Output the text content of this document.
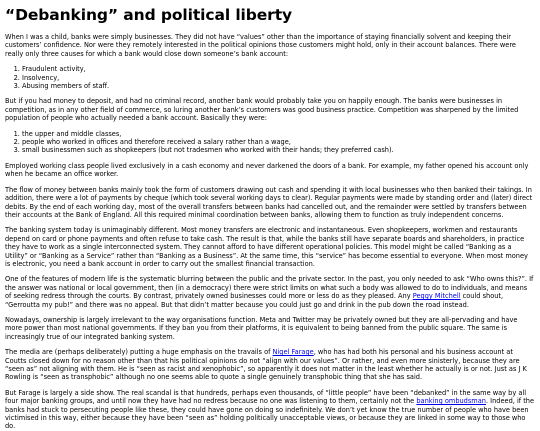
“Debanking” and political liberty

When I was a child, banks were simply businesses. They did not have “values” other than the importance of staying financially solvent and keeping their customers’ confidence. Nor were they remotely interested in the political opinions those customers might hold, only in their account balances. There were really only three causes for which a bank would close down someone’s bank account:

1. Fraudulent activity,
2. Insolvency,
3. Abusing members of staff.

But if you had money to deposit, and had no criminal record, another bank would probably take you on happily enough. The banks were businesses in competition, as in any other field of commerce, so luring another bank’s customers was good business practice. Competition was sharpened by the limited population of people who actually needed a bank account. Basically they were:

1. the upper and middle classes,
2. people who worked in offices and therefore received a salary rather than a wage,
3. small businessmen such as shopkeepers (but not tradesmen who worked with their hands; they preferred cash).

Employed working class people lived exclusively in a cash economy and never darkened the doors of a bank. For example, my father opened his account only when he became an office worker.

The flow of money between banks mainly took the form of customers drawing out cash and spending it with local businesses who then banked their takings. In addition, there were a lot of payments by cheque (which took several working days to clear). Regular payments were made by standing order and (later) direct debits. By the end of each working day, most of the overall transfers between banks had cancelled out, and the remainder were settled by transfers between their accounts at the Bank of England. All this required minimal coordination between banks, allowing them to function as truly independent concerns.

The banking system today is unimaginably different. Most money transfers are electronic and instantaneous. Even shopkeepers, workmen and restaurants depend on card or phone payments and often refuse to take cash. The result is that, while the banks still have separate boards and shareholders, in practice they have to work as a single interconnected system. They cannot afford to have different operational policies. This model might be called “Banking as a Utility” or “Banking as a Service” rather than “Banking as a Business”. At the same time, this “service” has become essential to everyone. When most money is electronic, you need a bank account in order to carry out the smallest financial transaction.

One of the features of modern life is the systematic blurring between the public and the private sector. In the past, you only needed to ask “Who owns this?”. If the answer was national or local government, then (in a democracy) there were strict limits on what such a body was allowed to do to individuals, and means of seeking redress through the courts. By contrast, privately owned businesses could more or less do as they pleased. Any Peggy Mitchell could shout, “Gerroutta my pub!” and there was no appeal. But that didn’t matter because you could just go and drink in the pub down the road instead.

Nowadays, ownership is largely irrelevant to the way organisations function. Meta and Twitter may be privately owned but they are all-pervading and have more power than most national governments. If they ban you from their platforms, it is equivalent to being banned from the public square. The same is increasingly true of our integrated banking system.

The media are (perhaps deliberately) putting a huge emphasis on the travails of Nigel Farage, who has had both his personal and his business account at Coutts closed down for no reason other than that his political opinions do not “align with our values”. Or rather, and even more sinisterly, because they are “seen as” not aligning with them. He is “seen as racist and xenophobic”, so apparently it does not matter in the least whether he actually is or not. Just as J K Rowling is “seen as transphobic” although no one seems able to quote a single genuinely transphobic thing that she has said.

But Farage is largely a side show. The real scandal is that hundreds, perhaps even thousands, of “little people” have been “debanked” in the same way by all four major banking groups, and until now they have had no redress because no one was listening to them, certainly not the banking ombudsman. Indeed, if the banks had stuck to persecuting people like these, they could have gone on doing so indefinitely. We don’t yet know the true number of people who have been victimised in this way, either because they have been “seen as” holding politically unacceptable views, or because they are linked in some way to those who do.
